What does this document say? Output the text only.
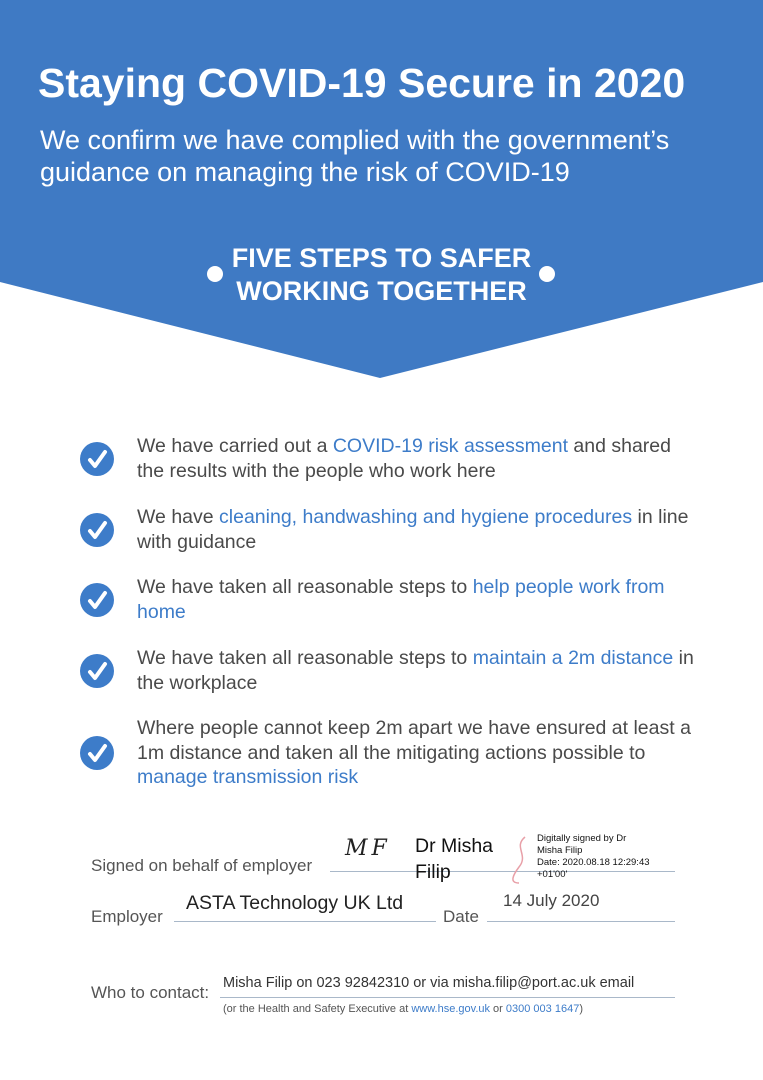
Staying COVID-19 Secure in 2020
We confirm we have complied with the government’s guidance on managing the risk of COVID-19
FIVE STEPS TO SAFER
WORKING TOGETHER
We have carried out a COVID-19 risk assessment and shared the results with the people who work here
We have cleaning, handwashing and hygiene procedures in line with guidance
We have taken all reasonable steps to help people work from home
We have taken all reasonable steps to maintain a 2m distance in the workplace
Where people cannot keep 2m apart we have ensured at least a 1m distance and taken all the mitigating actions possible to manage transmission risk
Signed on behalf of employer
MF Dr Misha
Filip
Digitally signed by Dr
Misha Filip
Date: 2020.08.18 12:29:43
+01'00'
Employer
ASTA Technology UK Ltd
Date
14 July 2020
Who to contact: Misha Filip on 023 92842310 or via misha.filip@port.ac.uk email
(or the Health and Safety Executive at www.hse.gov.uk or 0300 003 1647)
